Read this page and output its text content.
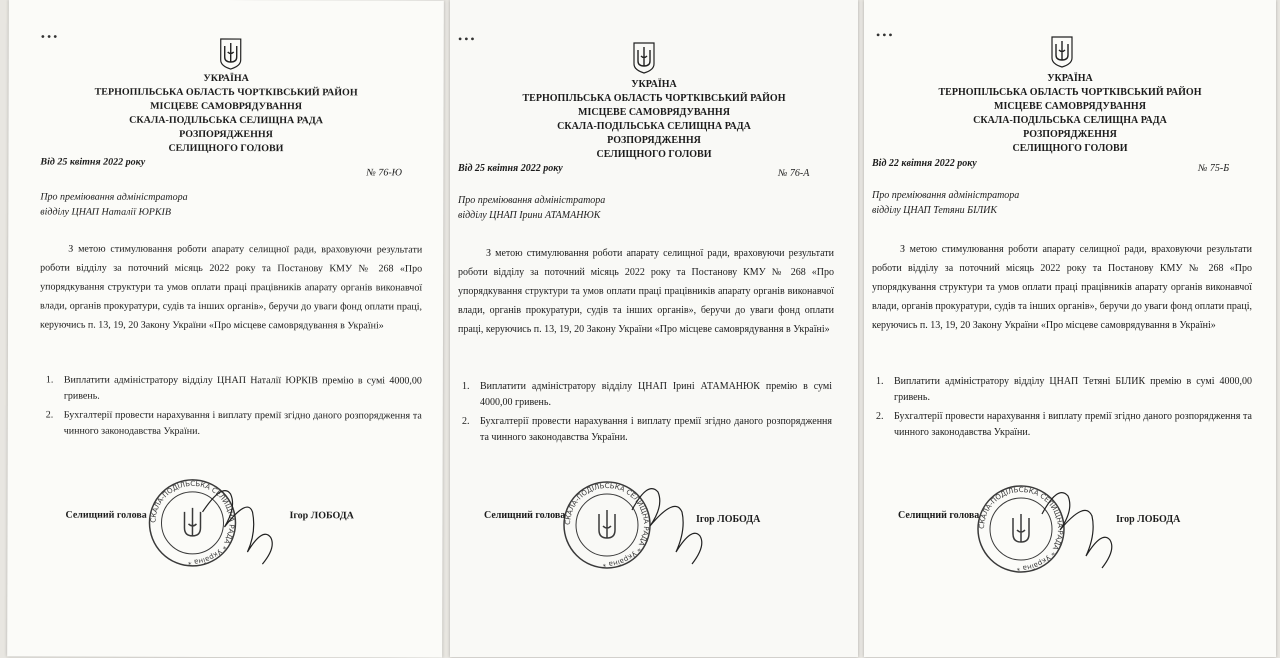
•••
УКРАЇНА
ТЕРНОПІЛЬСЬКА ОБЛАСТЬ ЧОРТКІВСЬКИЙ РАЙОН
МІСЦЕВЕ САМОВРЯДУВАННЯ
СКАЛА-ПОДІЛЬСЬКА СЕЛИЩНА РАДА
РОЗПОРЯДЖЕННЯ
СЕЛИЩНОГО ГОЛОВИ
Від 25 квітня 2022 року
№ 76-Ю
Про преміювання адміністратора
відділу ЦНАП Наталії ЮРКІВ
З метою стимулювання роботи апарату селищної ради, враховуючи результати роботи відділу за поточний місяць 2022 року та Постанову КМУ № 268 «Про упорядкування структури та умов оплати праці працівників апарату органів виконавчої влади, органів прокуратури, судів та інших органів», беручи до уваги фонд оплати праці, керуючись п. 13, 19, 20 Закону України «Про місцеве самоврядування в Україні»
1. Виплатити адміністратору відділу ЦНАП Наталії ЮРКІВ премію в сумі 4000,00 гривень.
2. Бухгалтерії провести нарахування і виплату премії згідно даного розпорядження та чинного законодавства України.
СКАЛА-ПОДІЛЬСЬКА СЕЛИЩНА РАДА * Україна *
Селищний голова	Ігор ЛОБОДА
•••
УКРАЇНА
ТЕРНОПІЛЬСЬКА ОБЛАСТЬ ЧОРТКІВСЬКИЙ РАЙОН
МІСЦЕВЕ САМОВРЯДУВАННЯ
СКАЛА-ПОДІЛЬСЬКА СЕЛИЩНА РАДА
РОЗПОРЯДЖЕННЯ
СЕЛИЩНОГО ГОЛОВИ
Від 25 квітня 2022 року	№ 76-А
Про преміювання адміністратора
відділу ЦНАП Ірини АТАМАНЮК
З метою стимулювання роботи апарату селищної ради, враховуючи результати роботи відділу за поточний місяць 2022 року та Постанову КМУ № 268 «Про упорядкування структури та умов оплати праці працівників апарату органів виконавчої влади, органів прокуратури, судів та інших органів», беручи до уваги фонд оплати праці, керуючись п. 13, 19, 20 Закону України «Про місцеве самоврядування в Україні»
1. Виплатити адміністратору відділу ЦНАП Ірині АТАМАНЮК премію в сумі 4000,00 гривень.
2. Бухгалтерії провести нарахування і виплату премії згідно даного розпорядження та чинного законодавства України.
СКАЛА-ПОДІЛЬСЬКА СЕЛИЩНА РАДА * Україна *
Селищний голова	Ігор ЛОБОДА
•••
УКРАЇНА
ТЕРНОПІЛЬСЬКА ОБЛАСТЬ ЧОРТКІВСЬКИЙ РАЙОН
МІСЦЕВЕ САМОВРЯДУВАННЯ
СКАЛА-ПОДІЛЬСЬКА СЕЛИЩНА РАДА
РОЗПОРЯДЖЕННЯ
СЕЛИЩНОГО ГОЛОВИ
Від 22 квітня 2022 року	№ 75-Б
Про преміювання адміністратора
відділу ЦНАП Тетяни БІЛИК
З метою стимулювання роботи апарату селищної ради, враховуючи результати роботи відділу за поточний місяць 2022 року та Постанову КМУ № 268 «Про упорядкування структури та умов оплати праці працівників апарату органів виконавчої влади, органів прокуратури, судів та інших органів», беручи до уваги фонд оплати праці, керуючись п. 13, 19, 20 Закону України «Про місцеве самоврядування в Україні»
1. Виплатити адміністратору відділу ЦНАП Тетяні БІЛИК премію в сумі 4000,00 гривень.
2. Бухгалтерії провести нарахування і виплату премії згідно даного розпорядження та чинного законодавства України.
СКАЛА-ПОДІЛЬСЬКА СЕЛИЩНА РАДА * Україна *
Селищний голова	Ігор ЛОБОДА
